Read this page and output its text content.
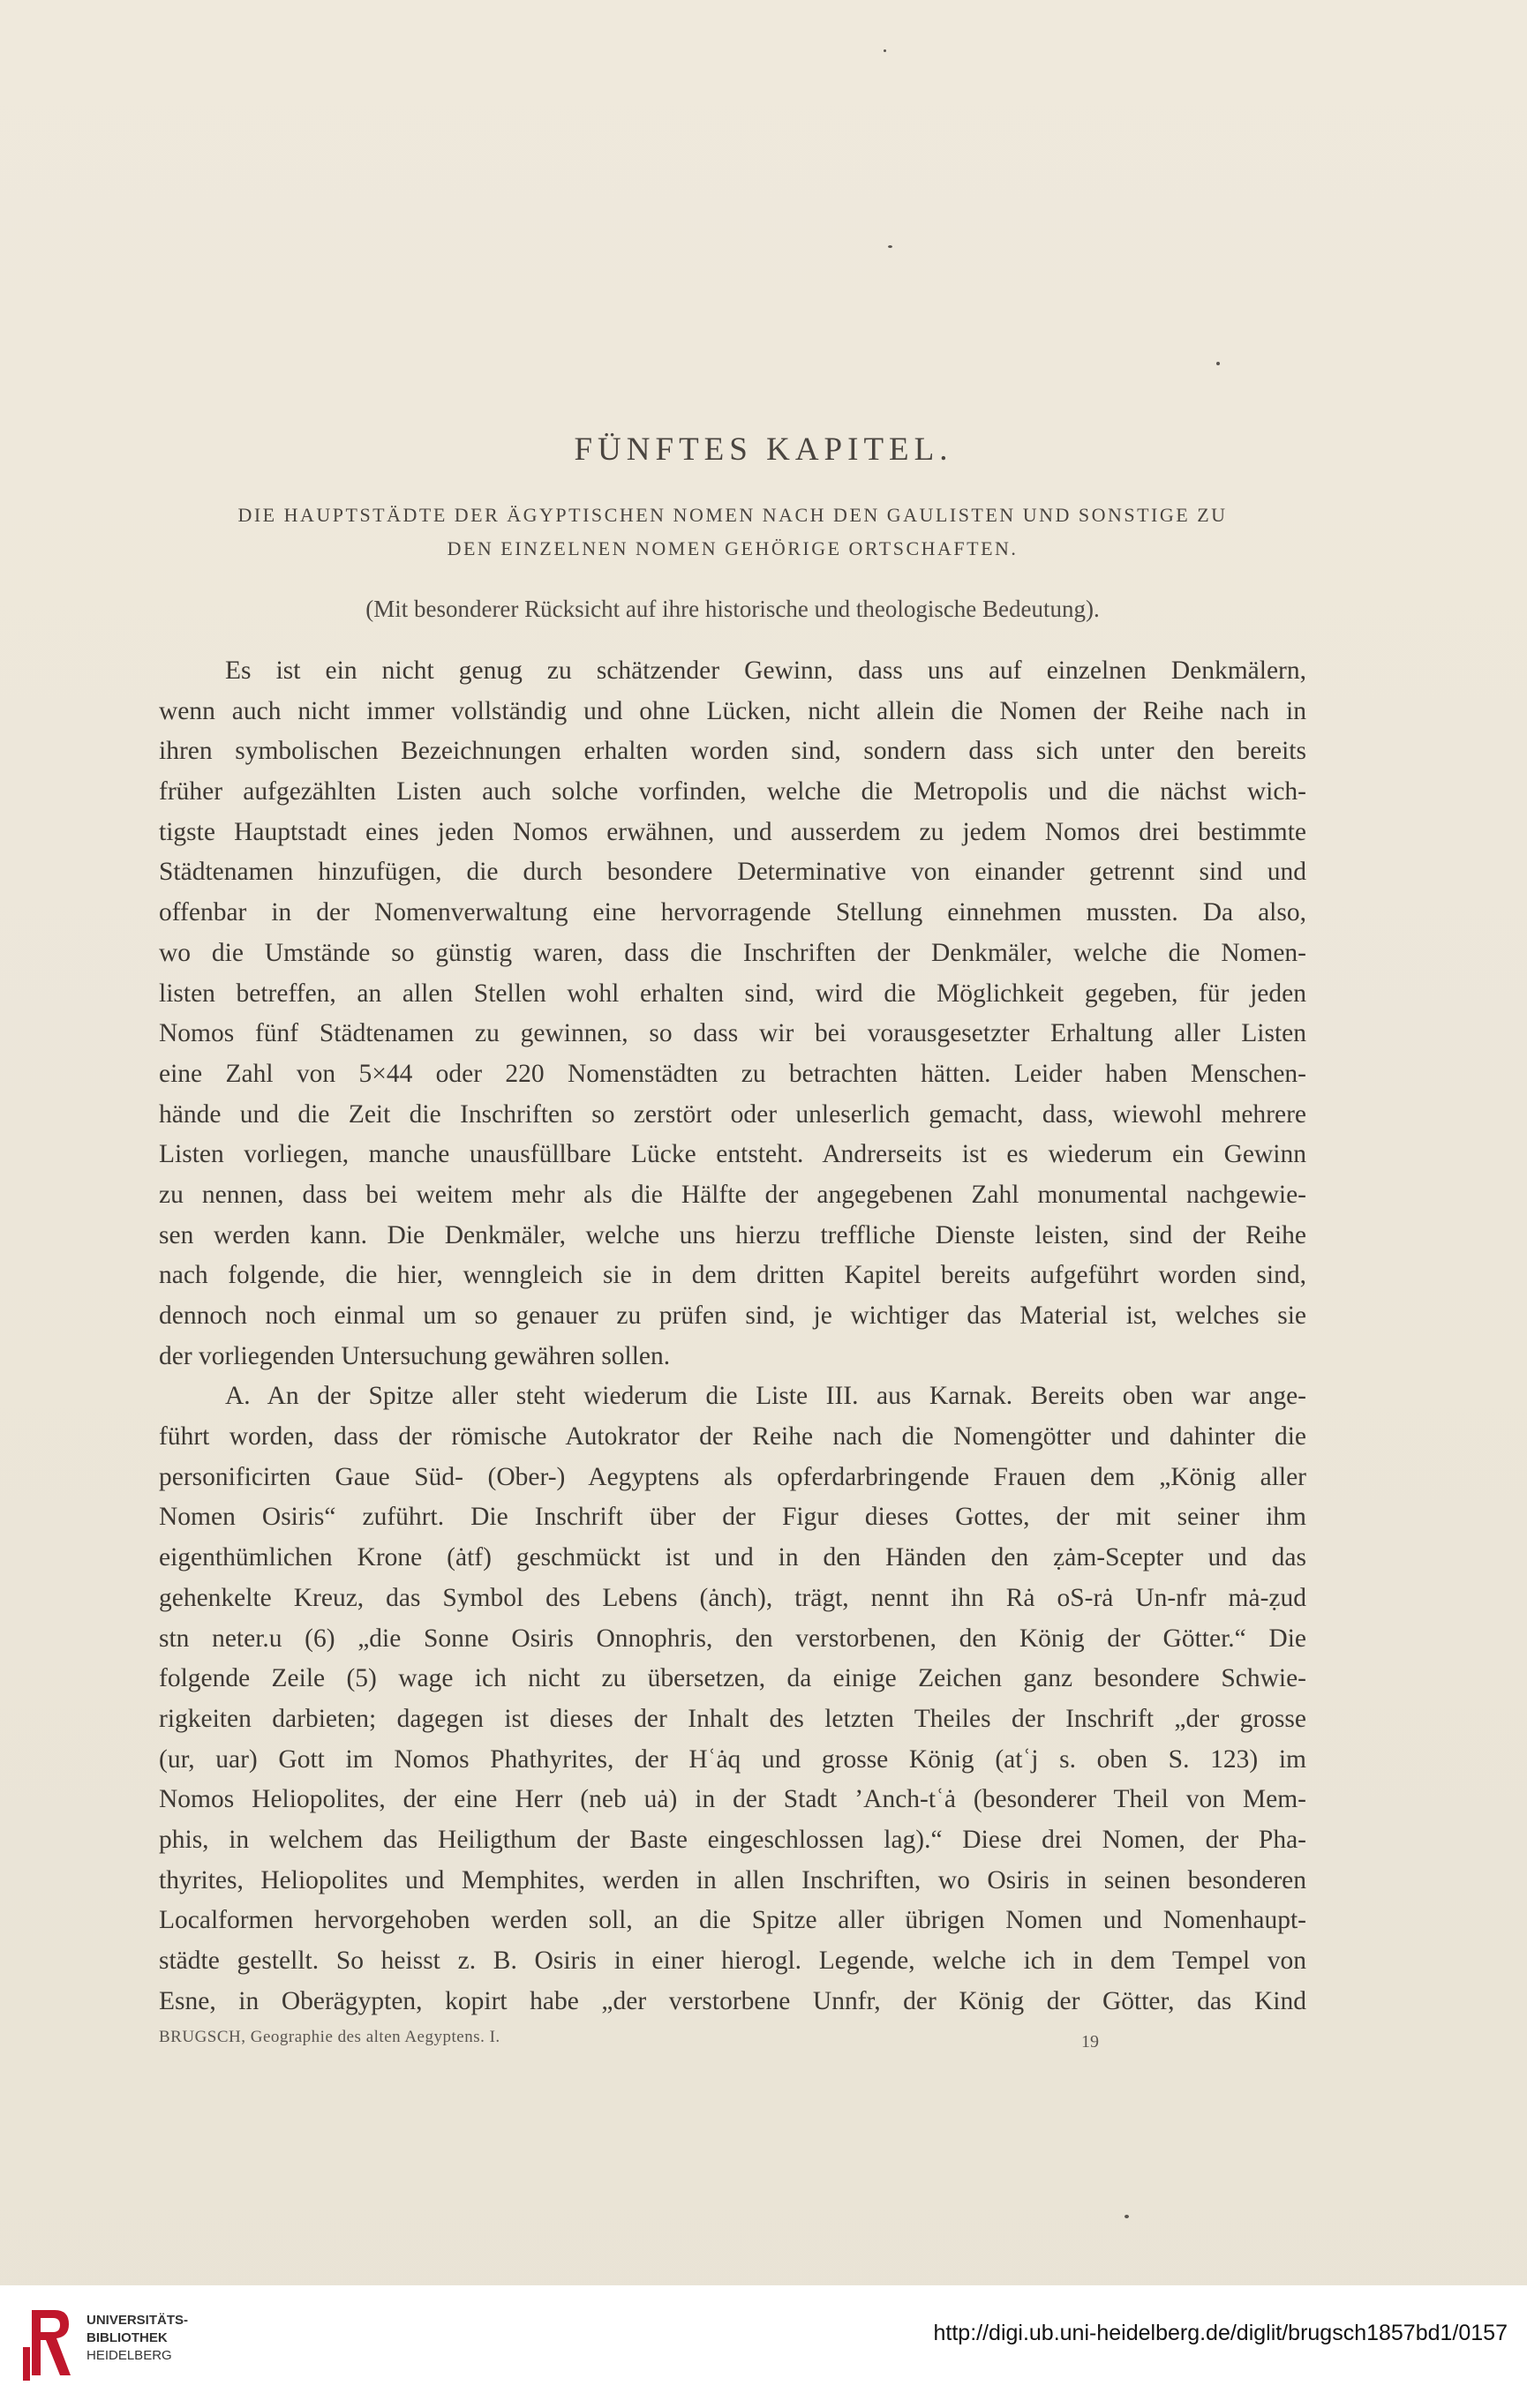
FÜNFTES KAPITEL.
DIE HAUPTSTÄDTE DER ÄGYPTISCHEN NOMEN NACH DEN GAULISTEN UND SONSTIGE ZU
DEN EINZELNEN NOMEN GEHÖRIGE ORTSCHAFTEN.
(Mit besonderer Rücksicht auf ihre historische und theologische Bedeutung).
Es ist ein nicht genug zu schätzender Gewinn, dass uns auf einzelnen Denkmälern,
wenn auch nicht immer vollständig und ohne Lücken, nicht allein die Nomen der Reihe nach in
ihren symbolischen Bezeichnungen erhalten worden sind, sondern dass sich unter den bereits
früher aufgezählten Listen auch solche vorfinden, welche die Metropolis und die nächst wich-
tigste Hauptstadt eines jeden Nomos erwähnen, und ausserdem zu jedem Nomos drei bestimmte
Städtenamen hinzufügen, die durch besondere Determinative von einander getrennt sind und
offenbar in der Nomenverwaltung eine hervorragende Stellung einnehmen mussten. Da also,
wo die Umstände so günstig waren, dass die Inschriften der Denkmäler, welche die Nomen-
listen betreffen, an allen Stellen wohl erhalten sind, wird die Möglichkeit gegeben, für jeden
Nomos fünf Städtenamen zu gewinnen, so dass wir bei vorausgesetzter Erhaltung aller Listen
eine Zahl von 5×44 oder 220 Nomenstädten zu betrachten hätten. Leider haben Menschen-
hände und die Zeit die Inschriften so zerstört oder unleserlich gemacht, dass, wiewohl mehrere
Listen vorliegen, manche unausfüllbare Lücke entsteht. Andrerseits ist es wiederum ein Gewinn
zu nennen, dass bei weitem mehr als die Hälfte der angegebenen Zahl monumental nachgewie-
sen werden kann. Die Denkmäler, welche uns hierzu treffliche Dienste leisten, sind der Reihe
nach folgende, die hier, wenngleich sie in dem dritten Kapitel bereits aufgeführt worden sind,
dennoch noch einmal um so genauer zu prüfen sind, je wichtiger das Material ist, welches sie
der vorliegenden Untersuchung gewähren sollen.
A. An der Spitze aller steht wiederum die Liste III. aus Karnak. Bereits oben war ange-
führt worden, dass der römische Autokrator der Reihe nach die Nomengötter und dahinter die
personificirten Gaue Süd- (Ober-) Aegyptens als opferdarbringende Frauen dem „König aller
Nomen Osiris“ zuführt. Die Inschrift über der Figur dieses Gottes, der mit seiner ihm
eigenthümlichen Krone (ȧtf) geschmückt ist und in den Händen den ẓȧm-Scepter und das
gehenkelte Kreuz, das Symbol des Lebens (ȧnch), trägt, nennt ihn Rȧ oS-rȧ Un-nfr mȧ-ẓud
stn neter.u (6) „die Sonne Osiris Onnophris, den verstorbenen, den König der Götter.“ Die
folgende Zeile (5) wage ich nicht zu übersetzen, da einige Zeichen ganz besondere Schwie-
rigkeiten darbieten; dagegen ist dieses der Inhalt des letzten Theiles der Inschrift „der grosse
(ur, uar) Gott im Nomos Phathyrites, der Hʿȧq und grosse König (atʿj s. oben S. 123) im
Nomos Heliopolites, der eine Herr (neb uȧ) in der Stadt ’Anch-tʿȧ (besonderer Theil von Mem-
phis, in welchem das Heiligthum der Baste eingeschlossen lag).“ Diese drei Nomen, der Pha-
thyrites, Heliopolites und Memphites, werden in allen Inschriften, wo Osiris in seinen besonderen
Localformen hervorgehoben werden soll, an die Spitze aller übrigen Nomen und Nomenhaupt-
städte gestellt. So heisst z. B. Osiris in einer hierogl. Legende, welche ich in dem Tempel von
Esne, in Oberägypten, kopirt habe „der verstorbene Unnfr, der König der Götter, das Kind
BRUGSCH, Geographie des alten Aegyptens. I.	19
UNIVERSITÄTS-
BIBLIOTHEK
HEIDELBERG
http://digi.ub.uni-heidelberg.de/diglit/brugsch1857bd1/0157
